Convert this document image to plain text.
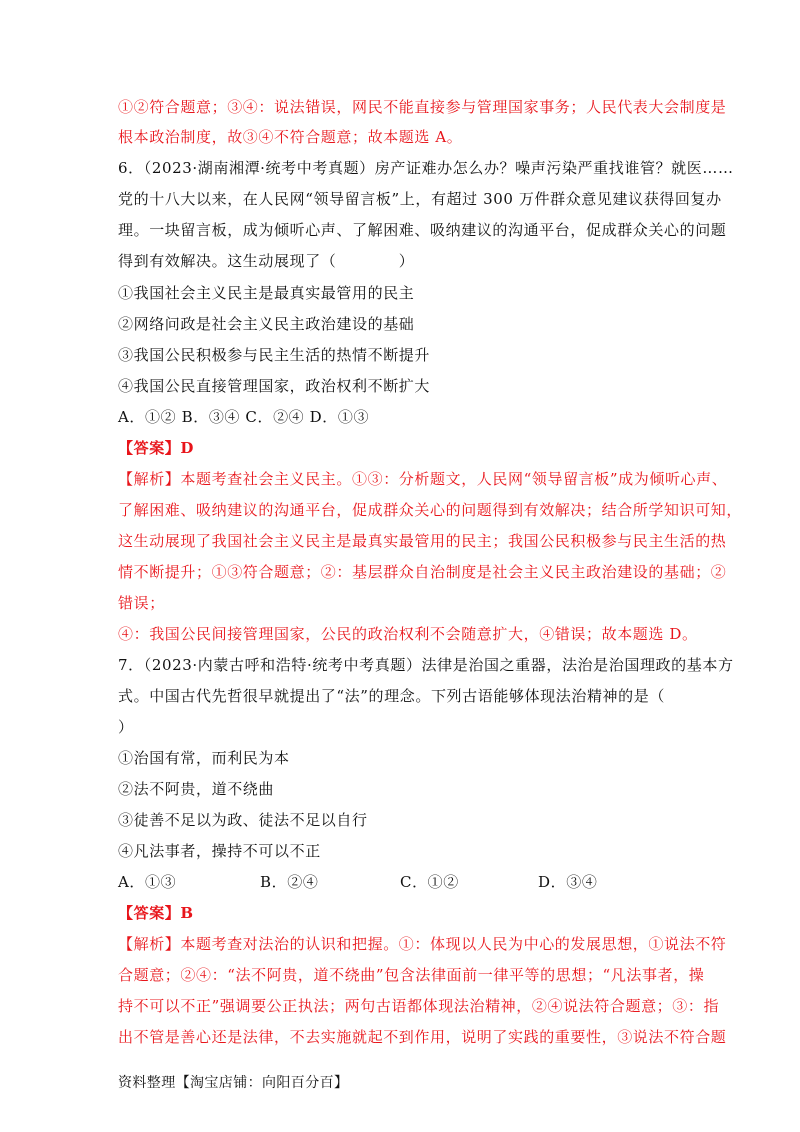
①②符合题意；③④：说法错误，网民不能直接参与管理国家事务；人民代表大会制度是
根本政治制度，故③④不符合题意；故本题选 A。
6．（2023·湖南湘潭·统考中考真题）房产证难办怎么办？噪声污染严重找谁管？就医……
党的十八大以来，在人民网“领导留言板”上，有超过 300 万件群众意见建议获得回复办
理。一块留言板，成为倾听心声、了解困难、吸纳建议的沟通平台，促成群众关心的问题
得到有效解决。这生动展现了（　　　　）
①我国社会主义民主是最真实最管用的民主
②网络问政是社会主义民主政治建设的基础
③我国公民积极参与民主生活的热情不断提升
④我国公民直接管理国家，政治权利不断扩大
A．①② B．③④ C．②④ D．①③
【答案】D
【解析】本题考查社会主义民主。①③：分析题文，人民网“领导留言板”成为倾听心声、
了解困难、吸纳建议的沟通平台，促成群众关心的问题得到有效解决；结合所学知识可知，
这生动展现了我国社会主义民主是最真实最管用的民主；我国公民积极参与民主生活的热
情不断提升；①③符合题意；②：基层群众自治制度是社会主义民主政治建设的基础；②
错误；
④：我国公民间接管理国家，公民的政治权利不会随意扩大，④错误；故本题选 D。
7．（2023·内蒙古呼和浩特·统考中考真题）法律是治国之重器，法治是治国理政的基本方
式。中国古代先哲很早就提出了“法”的理念。下列古语能够体现法治精神的是（
）
①治国有常，而利民为本
②法不阿贵，道不绕曲
③徒善不足以为政、徒法不足以自行
④凡法事者，操持不可以不正
A．①③	B．②④	C．①②	D．③④
【答案】B
【解析】本题考查对法治的认识和把握。①：体现以人民为中心的发展思想，①说法不符
合题意；②④：“法不阿贵，道不绕曲”包含法律面前一律平等的思想；“凡法事者，操
持不可以不正”强调要公正执法；两句古语都体现法治精神，②④说法符合题意；③：指
出不管是善心还是法律，不去实施就起不到作用，说明了实践的重要性，③说法不符合题
资料整理【淘宝店铺：向阳百分百】
